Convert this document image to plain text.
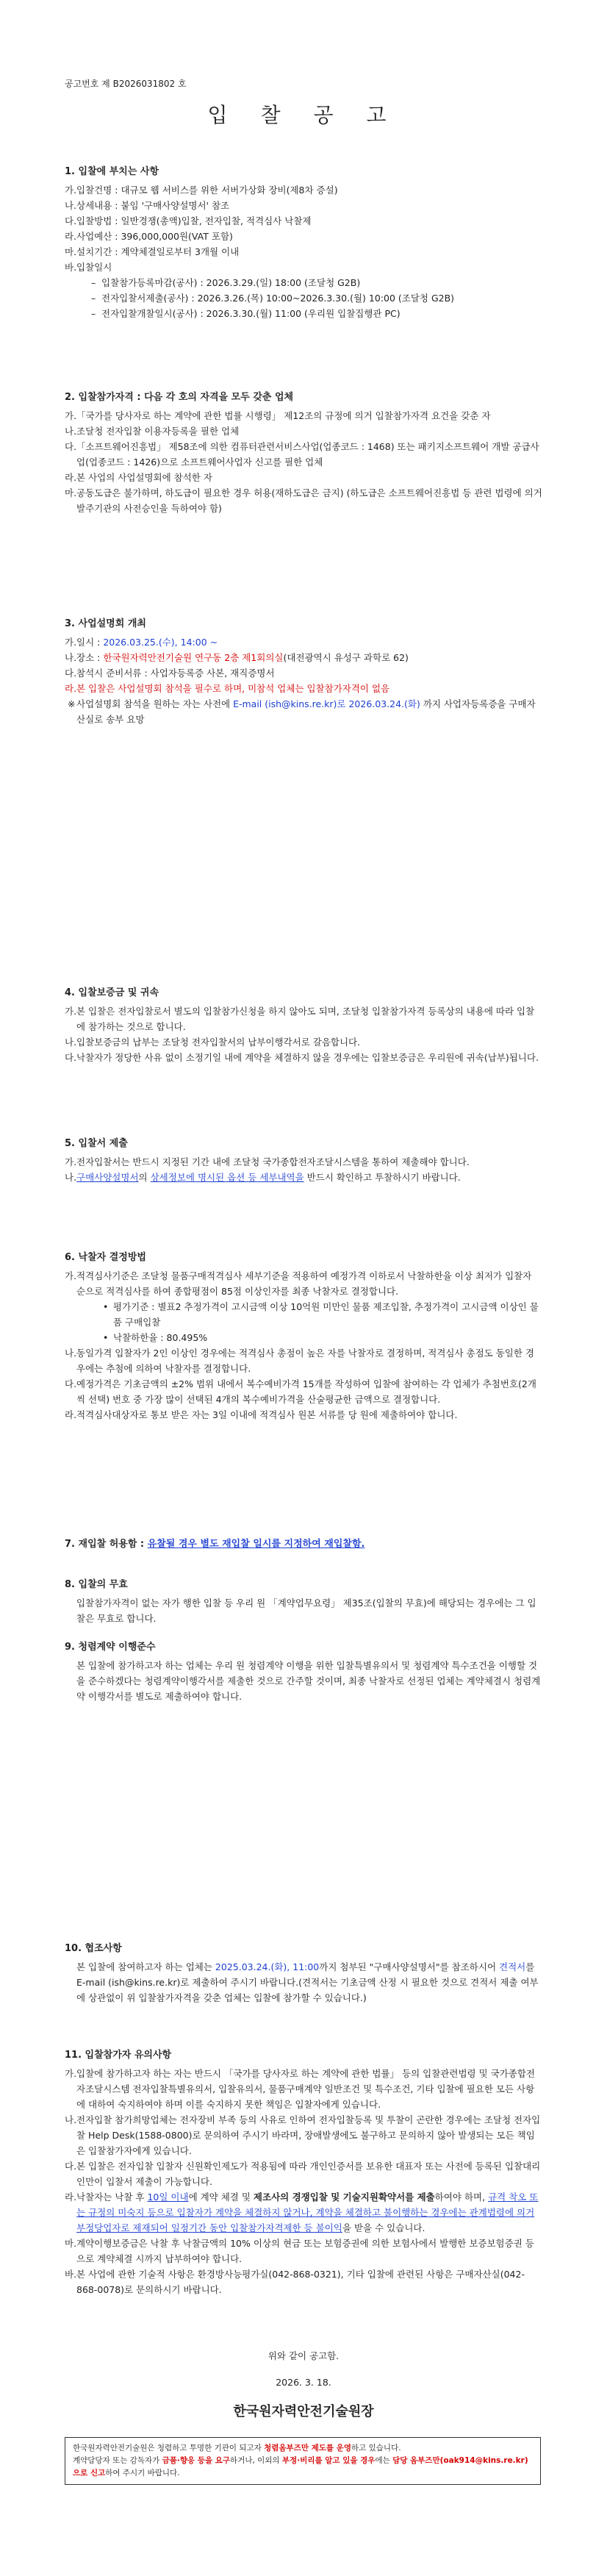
공고번호 제 B2026031802 호
입 찰 공 고
1. 입찰에 부치는 사항
가. 입찰건명 : 대규모 웹 서비스를 위한 서버가상화 장비(제8차 증설)
나. 상세내용 : 붙임 '구매사양설명서' 참조
다. 입찰방법 : 일반경쟁(총액)입찰, 전자입찰, 적격심사 낙찰제
라. 사업예산 : 396,000,000원(VAT 포함)
마. 설치기간 : 계약체결일로부터 3개월 이내
바. 입찰일시
– 입찰참가등록마감(공사) : 2026.3.29.(일) 18:00 (조달청 G2B)
– 전자입찰서제출(공사) : 2026.3.26.(목) 10:00~2026.3.30.(월) 10:00 (조달청 G2B)
– 전자입찰개찰일시(공사) : 2026.3.30.(월) 11:00 (우리원 입찰집행관 PC)
2. 입찰참가자격 : 다음 각 호의 자격을 모두 갖춘 업체
가. 「국가를 당사자로 하는 계약에 관한 법률 시행령」 제12조의 규정에 의거 입찰참가자격 요건을 갖춘 자
나. 조달청 전자입찰 이용자등록을 필한 업체
다. 「소프트웨어진흥법」 제58조에 의한 컴퓨터관련서비스사업(업종코드 : 1468) 또는 패키지소프트웨어 개발 공급사업(업종코드 : 1426)으로 소프트웨어사업자 신고를 필한 업체
라. 본 사업의 사업설명회에 참석한 자
마. 공동도급은 불가하며, 하도급이 필요한 경우 허용(재하도급은 금지) (하도급은 소프트웨어진흥법 등 관련 법령에 의거 발주기관의 사전승인을 득하여야 함)
3. 사업설명회 개최
가. 일시 : 2026.03.25.(수), 14:00 ~
나. 장소 : 한국원자력안전기술원 연구동 2층 제1회의실(대전광역시 유성구 과학로 62)
다. 참석시 준비서류 : 사업자등록증 사본, 재직증명서
라. 본 입찰은 사업설명회 참석을 필수로 하며, 미참석 업체는 입찰참가자격이 없음
※ 사업설명회 참석을 원하는 자는 사전에 E-mail (ish@kins.re.kr)로 2026.03.24.(화) 까지 사업자등록증을 구매자산실로 송부 요망
4. 입찰보증금 및 귀속
가. 본 입찰은 전자입찰로서 별도의 입찰참가신청을 하지 않아도 되며, 조달청 입찰참가자격 등록상의 내용에 따라 입찰에 참가하는 것으로 합니다.
나. 입찰보증금의 납부는 조달청 전자입찰서의 납부이행각서로 갈음합니다.
다. 낙찰자가 정당한 사유 없이 소정기일 내에 계약을 체결하지 않을 경우에는 입찰보증금은 우리원에 귀속(납부)됩니다.
5. 입찰서 제출
가. 전자입찰서는 반드시 지정된 기간 내에 조달청 국가종합전자조달시스템을 통하여 제출해야 합니다.
나. 구매사양설명서의 상세정보에 명시된 옵션 등 세부내역을 반드시 확인하고 투찰하시기 바랍니다.
6. 낙찰자 결정방법
가. 적격심사기준은 조달청 물품구매적격심사 세부기준을 적용하여 예정가격 이하로서 낙찰하한율 이상 최저가 입찰자 순으로 적격심사를 하여 종합평점이 85점 이상인자를 최종 낙찰자로 결정합니다.
• 평가기준 : 별표2 추정가격이 고시금액 이상 10억원 미만인 물품 제조입찰, 추정가격이 고시금액 이상인 물품 구매입찰
• 낙찰하한율 : 80.495%
나. 동일가격 입찰자가 2인 이상인 경우에는 적격심사 총점이 높은 자를 낙찰자로 결정하며, 적격심사 총점도 동일한 경우에는 추첨에 의하여 낙찰자를 결정합니다.
다. 예정가격은 기초금액의 ±2% 범위 내에서 복수예비가격 15개를 작성하여 입찰에 참여하는 각 업체가 추첨번호(2개씩 선택) 번호 중 가장 많이 선택된 4개의 복수예비가격을 산술평균한 금액으로 결정합니다.
라. 적격심사대상자로 통보 받은 자는 3일 이내에 적격심사 원본 서류를 당 원에 제출하여야 합니다.
7. 재입찰 허용함 : 유찰될 경우 별도 재입찰 일시를 지정하여 재입찰함.
8. 입찰의 무효
입찰참가자격이 없는 자가 행한 입찰 등 우리 원 「계약업무요령」 제35조(입찰의 무효)에 해당되는 경우에는 그 입찰은 무효로 합니다.
9. 청렴계약 이행준수
본 입찰에 참가하고자 하는 업체는 우리 원 청렴계약 이행을 위한 입찰특별유의서 및 청렴계약 특수조건을 이행할 것을 준수하겠다는 청렴계약이행각서를 제출한 것으로 간주할 것이며, 최종 낙찰자로 선정된 업체는 계약체결시 청렴계약 이행각서를 별도로 제출하여야 합니다.
10. 협조사항
본 입찰에 참여하고자 하는 업체는 2025.03.24.(화), 11:00까지 첨부된 "구매사양설명서"를 참조하시어 견적서를 E-mail (ish@kins.re.kr)로 제출하여 주시기 바랍니다.(견적서는 기초금액 산정 시 필요한 것으로 견적서 제출 여부에 상관없이 위 입찰참가자격을 갖춘 업체는 입찰에 참가할 수 있습니다.)
11. 입찰참가자 유의사항
가. 입찰에 참가하고자 하는 자는 반드시 「국가를 당사자로 하는 계약에 관한 법률」 등의 입찰관련법령 및 국가종합전자조달시스템 전자입찰특별유의서, 입찰유의서, 물품구매계약 일반조건 및 특수조건, 기타 입찰에 필요한 모든 사항에 대하여 숙지하여야 하며 이를 숙지하지 못한 책임은 입찰자에게 있습니다.
나. 전자입찰 참가희망업체는 전자장비 부족 등의 사유로 인하여 전자입찰등록 및 투찰이 곤란한 경우에는 조달청 전자입찰 Help Desk(1588-0800)로 문의하여 주시기 바라며, 장애발생에도 불구하고 문의하지 않아 발생되는 모든 책임은 입찰참가자에게 있습니다.
다. 본 입찰은 전자입찰 입찰자 신원확인제도가 적용됨에 따라 개인인증서를 보유한 대표자 또는 사전에 등록된 입찰대리인만이 입찰서 제출이 가능합니다.
라. 낙찰자는 낙찰 후 10일 이내에 계약 체결 및 제조사의 경쟁입찰 및 기술지원확약서를 제출하여야 하며, 규격 착오 또는 규정의 미숙지 등으로 입찰자가 계약을 체결하지 않거나, 계약을 체결하고 불이행하는 경우에는 관계법령에 의거 부정당업자로 제재되어 일정기간 동안 입찰참가자격제한 등 불이익을 받을 수 있습니다.
마. 계약이행보증금은 낙찰 후 낙찰금액의 10% 이상의 현금 또는 보험증권에 의한 보험사에서 발행한 보증보험증권 등으로 계약체결 시까지 납부하여야 합니다.
바. 본 사업에 관한 기술적 사항은 환경방사능평가실(042-868-0321), 기타 입찰에 관련된 사항은 구매자산실(042-868-0078)로 문의하시기 바랍니다.
위와 같이 공고함.
2026. 3. 18.
한국원자력안전기술원장
한국원자력안전기술원은 청렴하고 투명한 기관이 되고자 청렴옴부즈만 제도를 운영하고 있습니다.
계약담당자 또는 감독자가 금품·향응 등을 요구하거나, 이외의 부정·비리를 알고 있을 경우에는 담당 옴부즈만(oak914@kins.re.kr)으로 신고하여 주시기 바랍니다.
